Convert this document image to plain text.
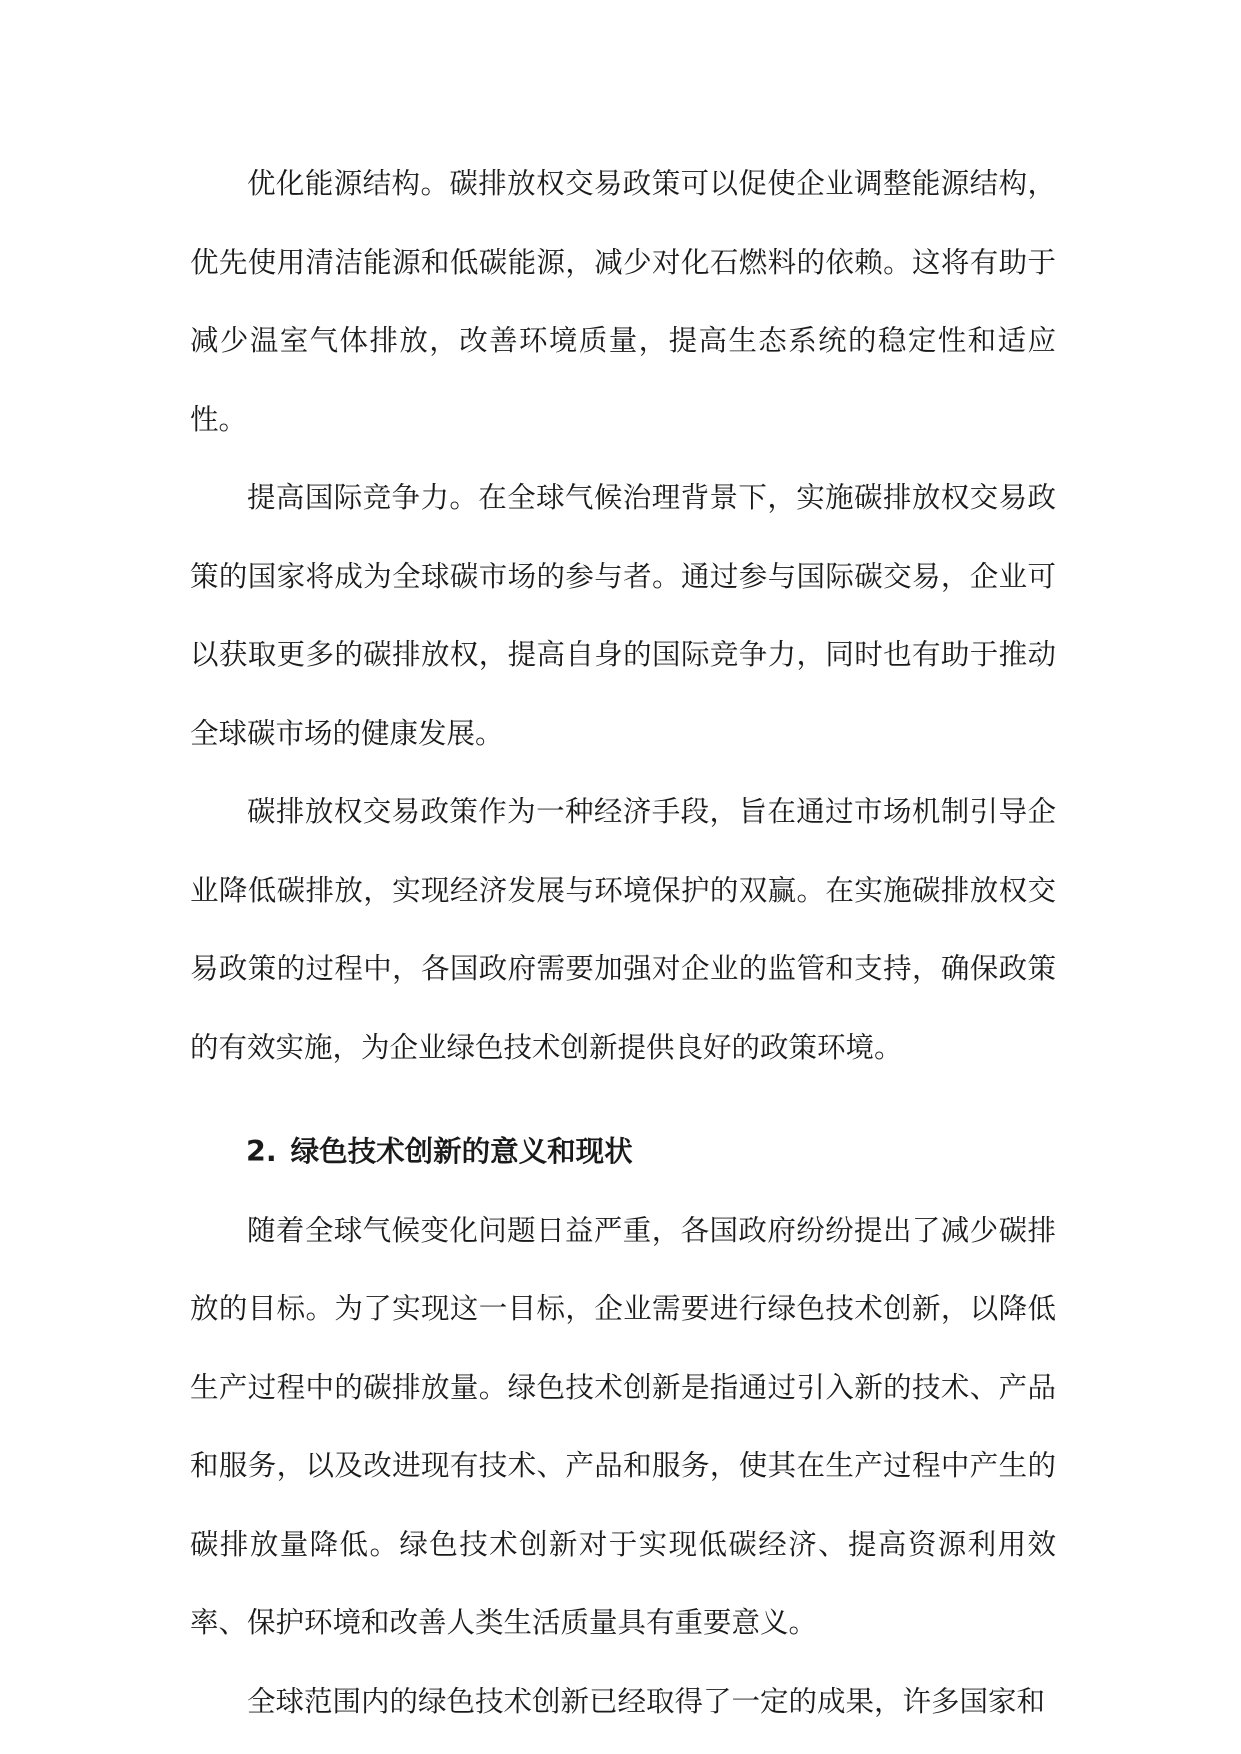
优化能源结构。碳排放权交易政策可以促使企业调整能源结构，优先使用清洁能源和低碳能源，减少对化石燃料的依赖。这将有助于减少温室气体排放，改善环境质量，提高生态系统的稳定性和适应性。

提高国际竞争力。在全球气候治理背景下，实施碳排放权交易政策的国家将成为全球碳市场的参与者。通过参与国际碳交易，企业可以获取更多的碳排放权，提高自身的国际竞争力，同时也有助于推动全球碳市场的健康发展。

碳排放权交易政策作为一种经济手段，旨在通过市场机制引导企业降低碳排放，实现经济发展与环境保护的双赢。在实施碳排放权交易政策的过程中，各国政府需要加强对企业的监管和支持，确保政策的有效实施，为企业绿色技术创新提供良好的政策环境。

2. 绿色技术创新的意义和现状

随着全球气候变化问题日益严重，各国政府纷纷提出了减少碳排放的目标。为了实现这一目标，企业需要进行绿色技术创新，以降低生产过程中的碳排放量。绿色技术创新是指通过引入新的技术、产品和服务，以及改进现有技术、产品和服务，使其在生产过程中产生的碳排放量降低。绿色技术创新对于实现低碳经济、提高资源利用效率、保护环境和改善人类生活质量具有重要意义。

全球范围内的绿色技术创新已经取得了一定的成果，许多国家和
